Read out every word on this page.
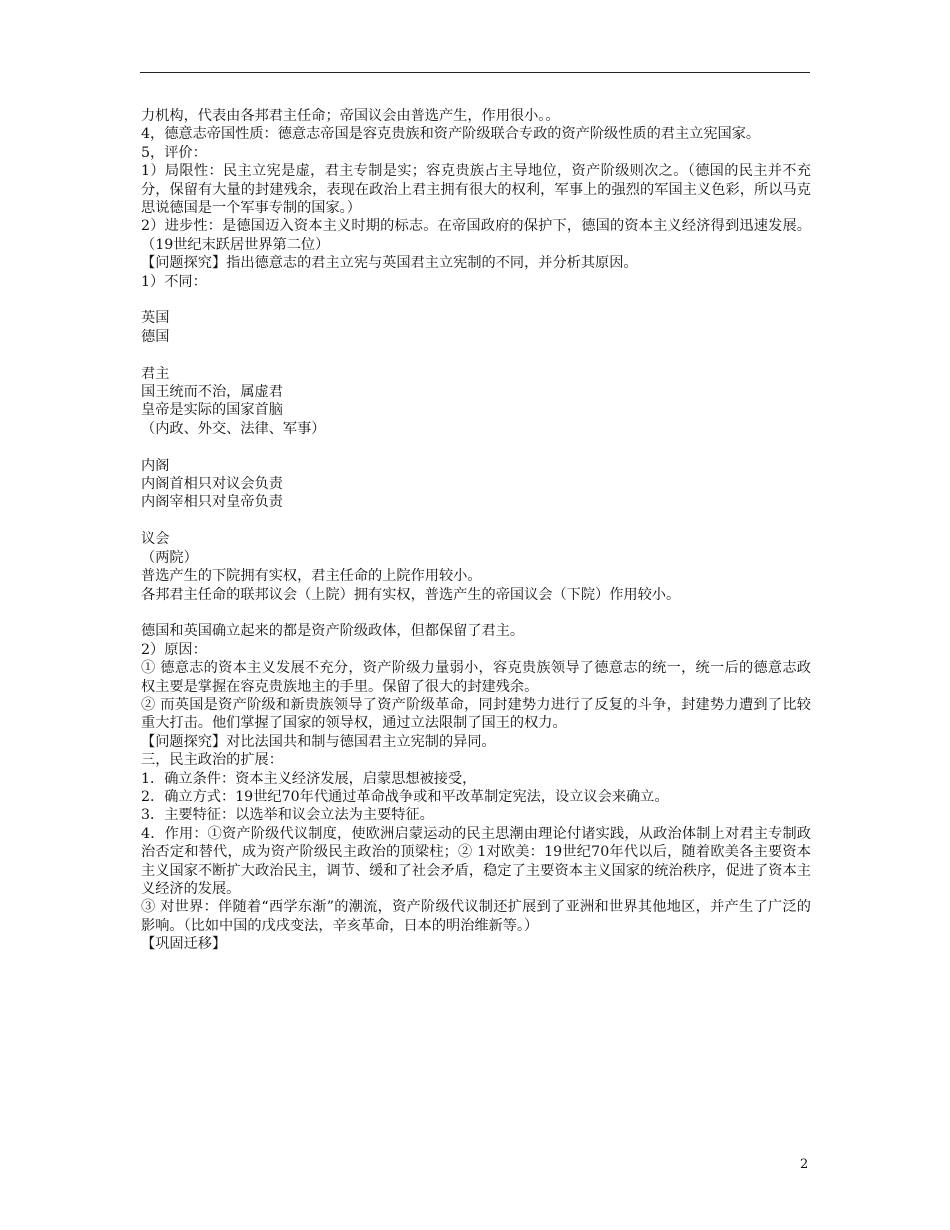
力机构，代表由各邦君主任命；帝国议会由普选产生，作用很小。。

4，德意志帝国性质：德意志帝国是容克贵族和资产阶级联合专政的资产阶级性质的君主立宪国家。

5，评价：

1）局限性：民主立宪是虚，君主专制是实；容克贵族占主导地位，资产阶级则次之。（德国的民主并不充分，保留有大量的封建残余，表现在政治上君主拥有很大的权利，军事上的强烈的军国主义色彩，所以马克思说德国是一个军事专制的国家。）

2）进步性：是德国迈入资本主义时期的标志。在帝国政府的保护下，德国的资本主义经济得到迅速发展。（19世纪末跃居世界第二位）

【问题探究】指出德意志的君主立宪与英国君主立宪制的不同，并分析其原因。

1）不同：

英国

德国

君主

国王统而不治，属虚君

皇帝是实际的国家首脑

（内政、外交、法律、军事）

内阁

内阁首相只对议会负责

内阁宰相只对皇帝负责

议会

（两院）

普选产生的下院拥有实权，君主任命的上院作用较小。

各邦君主任命的联邦议会（上院）拥有实权，普选产生的帝国议会（下院）作用较小。

德国和英国确立起来的都是资产阶级政体，但都保留了君主。

2）原因：

① 德意志的资本主义发展不充分，资产阶级力量弱小，容克贵族领导了德意志的统一，统一后的德意志政权主要是掌握在容克贵族地主的手里。保留了很大的封建残余。

② 而英国是资产阶级和新贵族领导了资产阶级革命，同封建势力进行了反复的斗争，封建势力遭到了比较重大打击。他们掌握了国家的领导权，通过立法限制了国王的权力。

【问题探究】对比法国共和制与德国君主立宪制的异同。

三，民主政治的扩展：

1．确立条件：资本主义经济发展，启蒙思想被接受，

2．确立方式：19世纪70年代通过革命战争或和平改革制定宪法，设立议会来确立。

3．主要特征：以选举和议会立法为主要特征。

4．作用：①资产阶级代议制度，使欧洲启蒙运动的民主思潮由理论付诸实践，从政治体制上对君主专制政治否定和替代，成为资产阶级民主政治的顶梁柱；② 1对欧美：19世纪70年代以后，随着欧美各主要资本主义国家不断扩大政治民主，调节、缓和了社会矛盾，稳定了主要资本主义国家的统治秩序，促进了资本主义经济的发展。

③ 对世界：伴随着“西学东渐”的潮流，资产阶级代议制还扩展到了亚洲和世界其他地区，并产生了广泛的影响。（比如中国的戊戌变法，辛亥革命，日本的明治维新等。）

【巩固迁移】

2
